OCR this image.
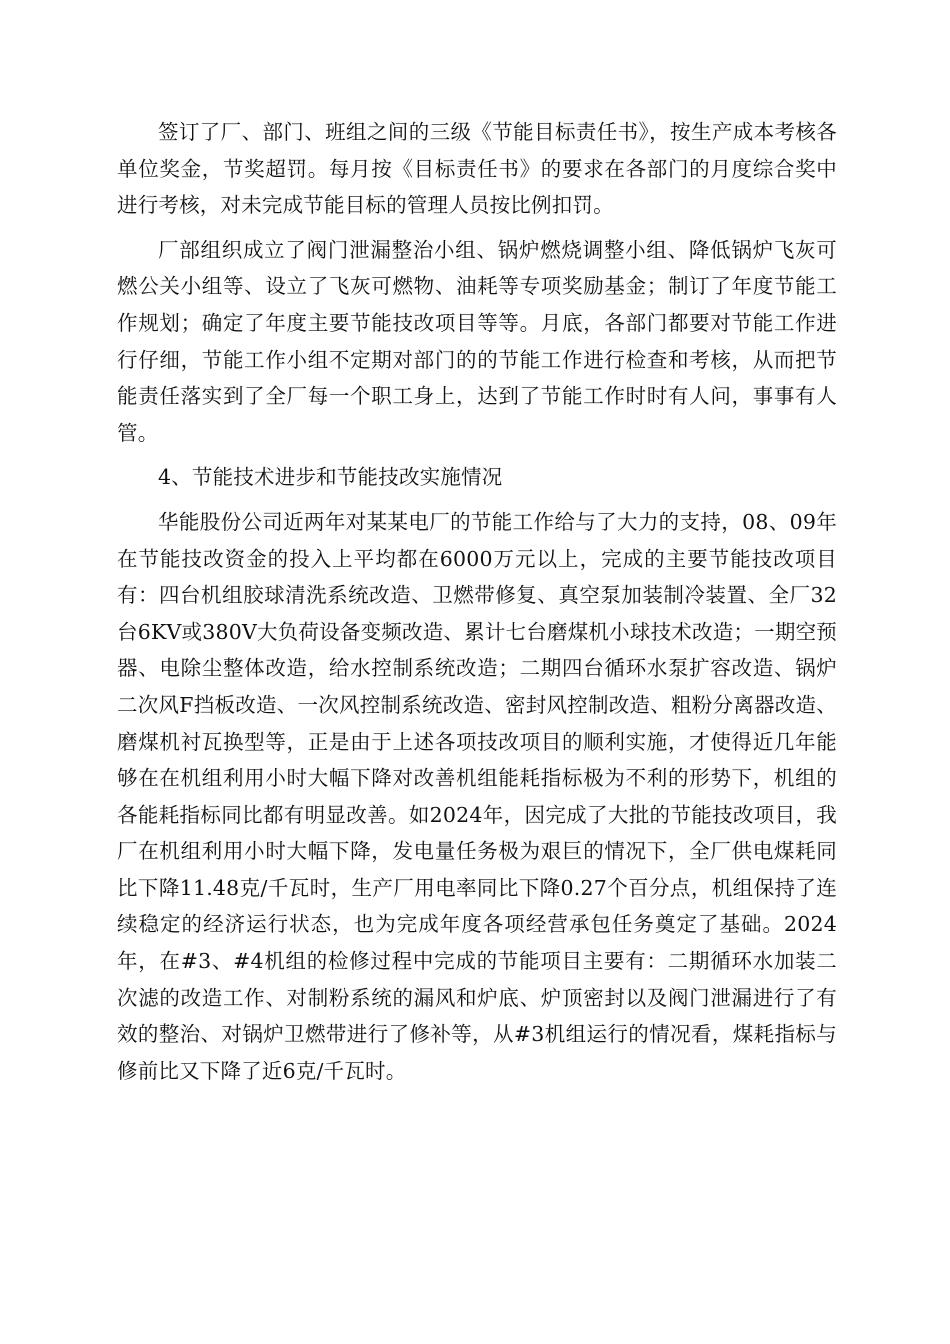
签订了厂、部门、班组之间的三级《节能目标责任书》，按生产成本考核各单位奖金，节奖超罚。每月按《目标责任书》的要求在各部门的月度综合奖中进行考核，对未完成节能目标的管理人员按比例扣罚。

厂部组织成立了阀门泄漏整治小组、锅炉燃烧调整小组、降低锅炉飞灰可燃公关小组等、设立了飞灰可燃物、油耗等专项奖励基金；制订了年度节能工作规划；确定了年度主要节能技改项目等等。月底，各部门都要对节能工作进行仔细，节能工作小组不定期对部门的的节能工作进行检查和考核，从而把节能责任落实到了全厂每一个职工身上，达到了节能工作时时有人问，事事有人管。

4、节能技术进步和节能技改实施情况

华能股份公司近两年对某某电厂的节能工作给与了大力的支持，08、09年在节能技改资金的投入上平均都在6000万元以上，完成的主要节能技改项目有：四台机组胶球清洗系统改造、卫燃带修复、真空泵加装制冷装置、全厂32台6KV或380V大负荷设备变频改造、累计七台磨煤机小球技术改造；一期空预器、电除尘整体改造，给水控制系统改造；二期四台循环水泵扩容改造、锅炉二次风F挡板改造、一次风控制系统改造、密封风控制改造、粗粉分离器改造、磨煤机衬瓦换型等，正是由于上述各项技改项目的顺利实施，才使得近几年能够在在机组利用小时大幅下降对改善机组能耗指标极为不利的形势下，机组的各能耗指标同比都有明显改善。如2024年，因完成了大批的节能技改项目，我厂在机组利用小时大幅下降，发电量任务极为艰巨的情况下，全厂供电煤耗同比下降11.48克/千瓦时，生产厂用电率同比下降0.27个百分点，机组保持了连续稳定的经济运行状态，也为完成年度各项经营承包任务奠定了基础。2024年，在#3、#4机组的检修过程中完成的节能项目主要有：二期循环水加装二次滤的改造工作、对制粉系统的漏风和炉底、炉顶密封以及阀门泄漏进行了有效的整治、对锅炉卫燃带进行了修补等，从#3机组运行的情况看，煤耗指标与修前比又下降了近6克/千瓦时。
